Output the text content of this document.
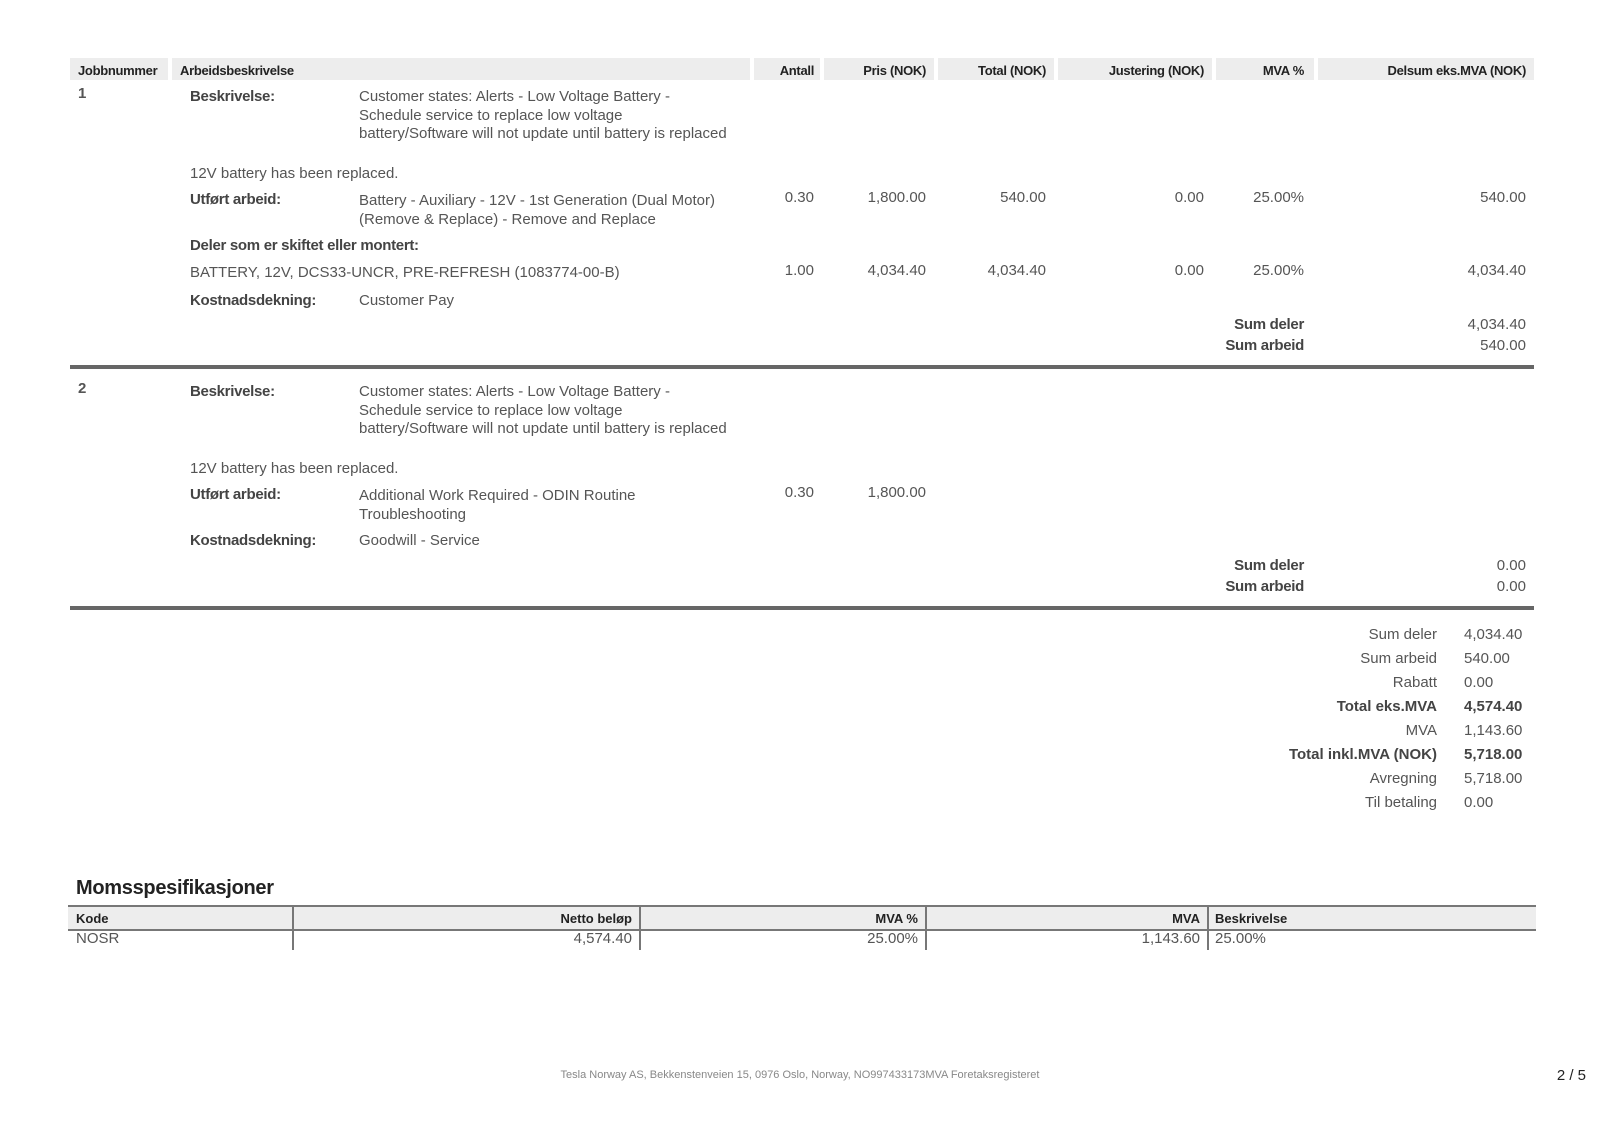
Jobbnummer Arbeidsbeskrivelse	Antall	Pris (NOK)	Total (NOK)	Justering (NOK)	MVA %	Delsum eks.MVA (NOK)
1	Beskrivelse:	Customer states: Alerts - Low Voltage Battery - Schedule service to replace low voltage battery/Software will not update until battery is replaced
12V battery has been replaced.
Utført arbeid:	Battery - Auxiliary - 12V - 1st Generation (Dual Motor) (Remove & Replace) - Remove and Replace
0.30	1,800.00	540.00	0.00	25.00%	540.00
Deler som er skiftet eller montert:
BATTERY, 12V, DCS33-UNCR, PRE-REFRESH (1083774-00-B)	1.00	4,034.40	4,034.40	0.00	25.00%	4,034.40
Kostnadsdekning:	Customer Pay
Sum deler	4,034.40
Sum arbeid	540.00
2	Beskrivelse:	Customer states: Alerts - Low Voltage Battery - Schedule service to replace low voltage battery/Software will not update until battery is replaced
12V battery has been replaced.
Utført arbeid:	Additional Work Required - ODIN Routine Troubleshooting
0.30	1,800.00
Kostnadsdekning:	Goodwill - Service
Sum deler	0.00
Sum arbeid	0.00
Sum deler 4,034.40
Sum arbeid 540.00
Rabatt 0.00
Total eks.MVA 4,574.40
MVA 1,143.60
Total inkl.MVA (NOK) 5,718.00
Avregning 5,718.00
Til betaling 0.00
Momsspesifikasjoner
Kode	Netto beløp	MVA %	MVA Beskrivelse
NOSR	4,574.40	25.00%	1,143.60 25.00%
Tesla Norway AS, Bekkenstenveien 15, 0976 Oslo, Norway, NO997433173MVA Foretaksregisteret	2 / 5
